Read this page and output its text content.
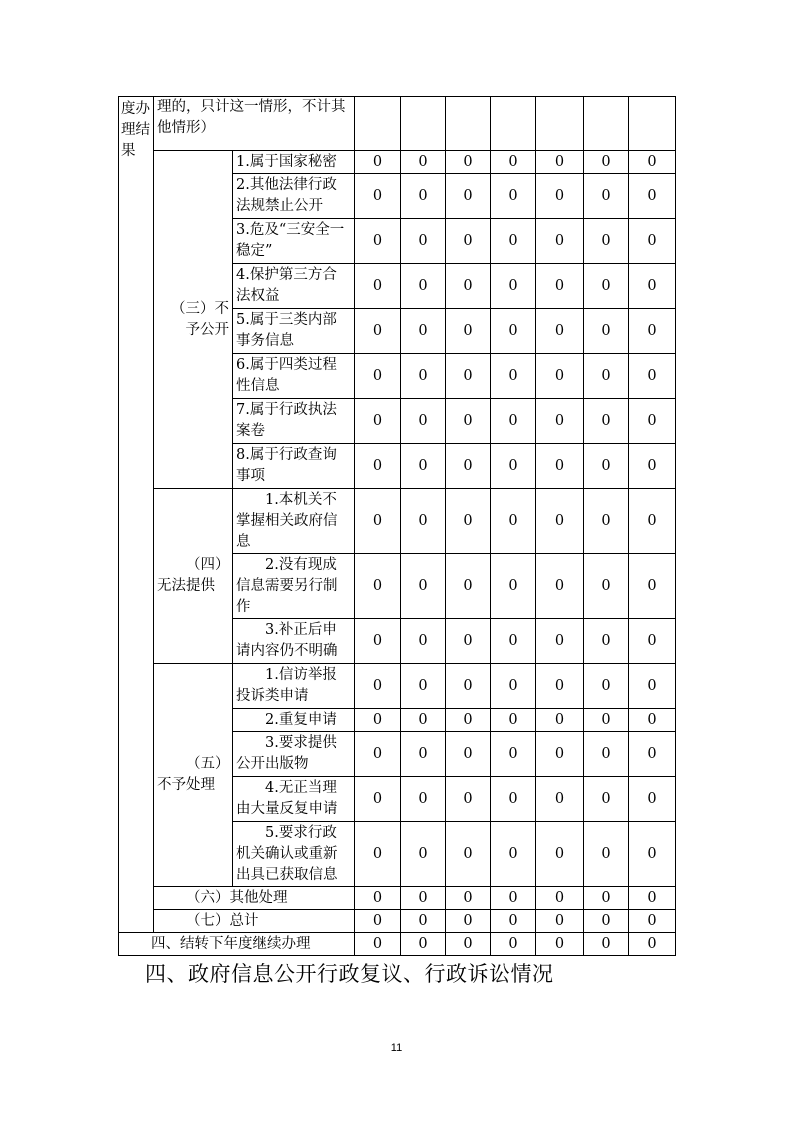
度办理结果	理的，只计这一情形，不计其他情形）								
	（三）不予公开	1.属于国家秘密	0	0	0	0	0	0	0
		2.其他法律行政法规禁止公开	0	0	0	0	0	0	0
		3.危及“三安全一稳定”	0	0	0	0	0	0	0
		4.保护第三方合法权益	0	0	0	0	0	0	0
		5.属于三类内部事务信息	0	0	0	0	0	0	0
		6.属于四类过程性信息	0	0	0	0	0	0	0
		7.属于行政执法案卷	0	0	0	0	0	0	0
		8.属于行政查询事项	0	0	0	0	0	0	0
	（四）无法提供	1.本机关不掌握相关政府信息	0	0	0	0	0	0	0
		2.没有现成信息需要另行制作	0	0	0	0	0	0	0
		3.补正后申请内容仍不明确	0	0	0	0	0	0	0
	（五）不予处理	1.信访举报投诉类申请	0	0	0	0	0	0	0
		2.重复申请	0	0	0	0	0	0	0
		3.要求提供公开出版物	0	0	0	0	0	0	0
		4.无正当理由大量反复申请	0	0	0	0	0	0	0
		5.要求行政机关确认或重新出具已获取信息	0	0	0	0	0	0	0
	（六）其他处理		0	0	0	0	0	0	0
	（七）总计		0	0	0	0	0	0	0
四、结转下年度继续办理			0	0	0	0	0	0	0
四、政府信息公开行政复议、行政诉讼情况
11
